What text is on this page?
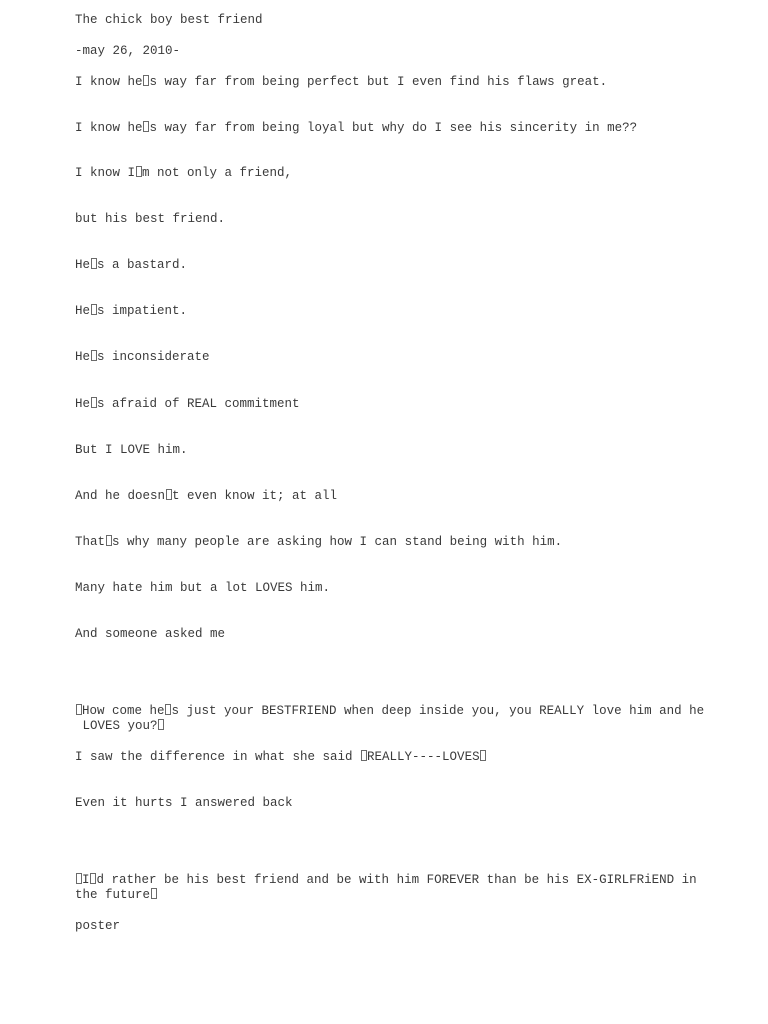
The chick boy best friend

-may 26, 2010-

I know he s way far from being perfect but I even find his flaws great.

I know he s way far from being loyal but why do I see his sincerity in me??

I know I m not only a friend,

but his best friend.

He s a bastard.

He s impatient.

He s inconsiderate

He s afraid of REAL commitment

But I LOVE him.

And he doesn t even know it; at all

That s why many people are asking how I can stand being with him.

Many hate him but a lot LOVES him.

And someone asked me

How come he s just your BESTFRIEND when deep inside you, you REALLY love him and he
LOVES you?

I saw the difference in what she said REALLY----LOVES

Even it hurts I answered back

I d rather be his best friend and be with him FOREVER than be his EX-GIRLFRiEND in
the future

poster
